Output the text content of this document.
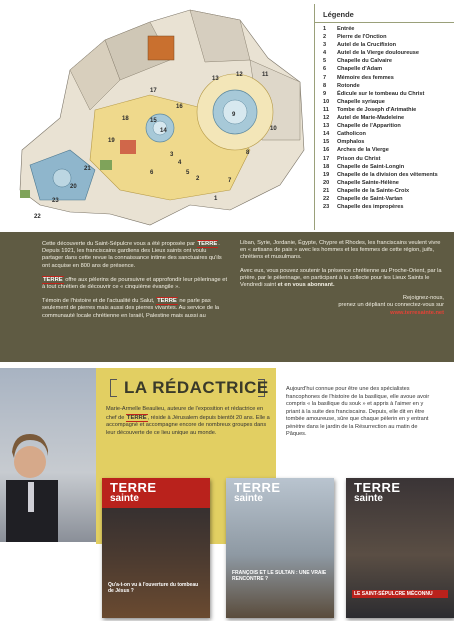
1
2
3
4
5
6
7
8
9
10
11
12
13
14
15
16
17
18
19
20
21
22
23
Légende
1	Entrée
2	Pierre de l'Onction
3	Autel de la Crucifixion
4	Autel de la Vierge douloureuse
5	Chapelle du Calvaire
6	Chapelle d'Adam
7	Mémoire des femmes
8	Rotonde
9	Édicule sur le tombeau du Christ
10	Chapelle syriaque
11	Tombe de Joseph d'Arimathie
12	Autel de Marie-Madeleine
13	Chapelle de l'Apparition
14	Catholicon
15	Omphalos
16	Arches de la Vierge
17	Prison du Christ
18	Chapelle de Saint-Longin
19	Chapelle de la division des vêtements
20	Chapelle Sainte-Hélène
21	Chapelle de la Sainte-Croix
22	Chapelle de Saint-Vartan
23	Chapelle des impropères

Cette découverte du Saint-Sépulcre vous a été proposée par TERRE. Depuis 1921, les franciscains gardiens des Lieux saints ont voulu partager dans cette revue la connaissance intime des sanctuaires qu'ils ont acquise en 800 ans de présence.

TERRE offre aux pèlerins de poursuivre et approfondir leur pèlerinage et à tout chrétien de découvrir ce « cinquième évangile ».

Témoin de l'histoire et de l'actualité du Salut, TERRE ne parle pas seulement de pierres mais aussi des pierres vivantes. Au service de la communauté locale chrétienne en Israël, Palestine mais aussi au

Liban, Syrie, Jordanie, Égypte, Chypre et Rhodes, les franciscains veulent vivre en « artisans de paix » avec les hommes et les femmes de cette région, juifs, chrétiens et musulmans.

Avec eux, vous pouvez soutenir la présence chrétienne au Proche-Orient, par la prière, par le pèlerinage, en participant à la collecte pour les Lieux Saints le Vendredi saint et en vous abonnant.

Rejoignez-nous,
prenez un dépliant ou connectez-vous sur
www.terresainte.net

LA RÉDACTRICE
Marie-Armelle Beaulieu, auteure de l'exposition et rédactrice en chef de TERRE, réside à Jérusalem depuis bientôt 20 ans. Elle a accompagné et accompagne encore de nombreux groupes dans leur découverte de ce lieu unique au monde.
Aujourd'hui connue pour être une des spécialistes francophones de l'histoire de la basilique, elle avoue avoir compris « la basilique du souk » et appris à l'aimer en y priant à la suite des franciscains. Depuis, elle dit en être tombée amoureuse, sûre que chaque pèlerin en y entrant pénètre dans le jardin de la Résurrection au matin de Pâques.
TERRE
sainte
Qu'a-t-on vu à l'ouverture du tombeau de Jésus ?
TERRE
sainte
FRANÇOIS ET LE SULTAN : UNE VRAIE RENCONTRE ?
TERRE
sainte
LE SAINT-SÉPULCRE MÉCONNU
